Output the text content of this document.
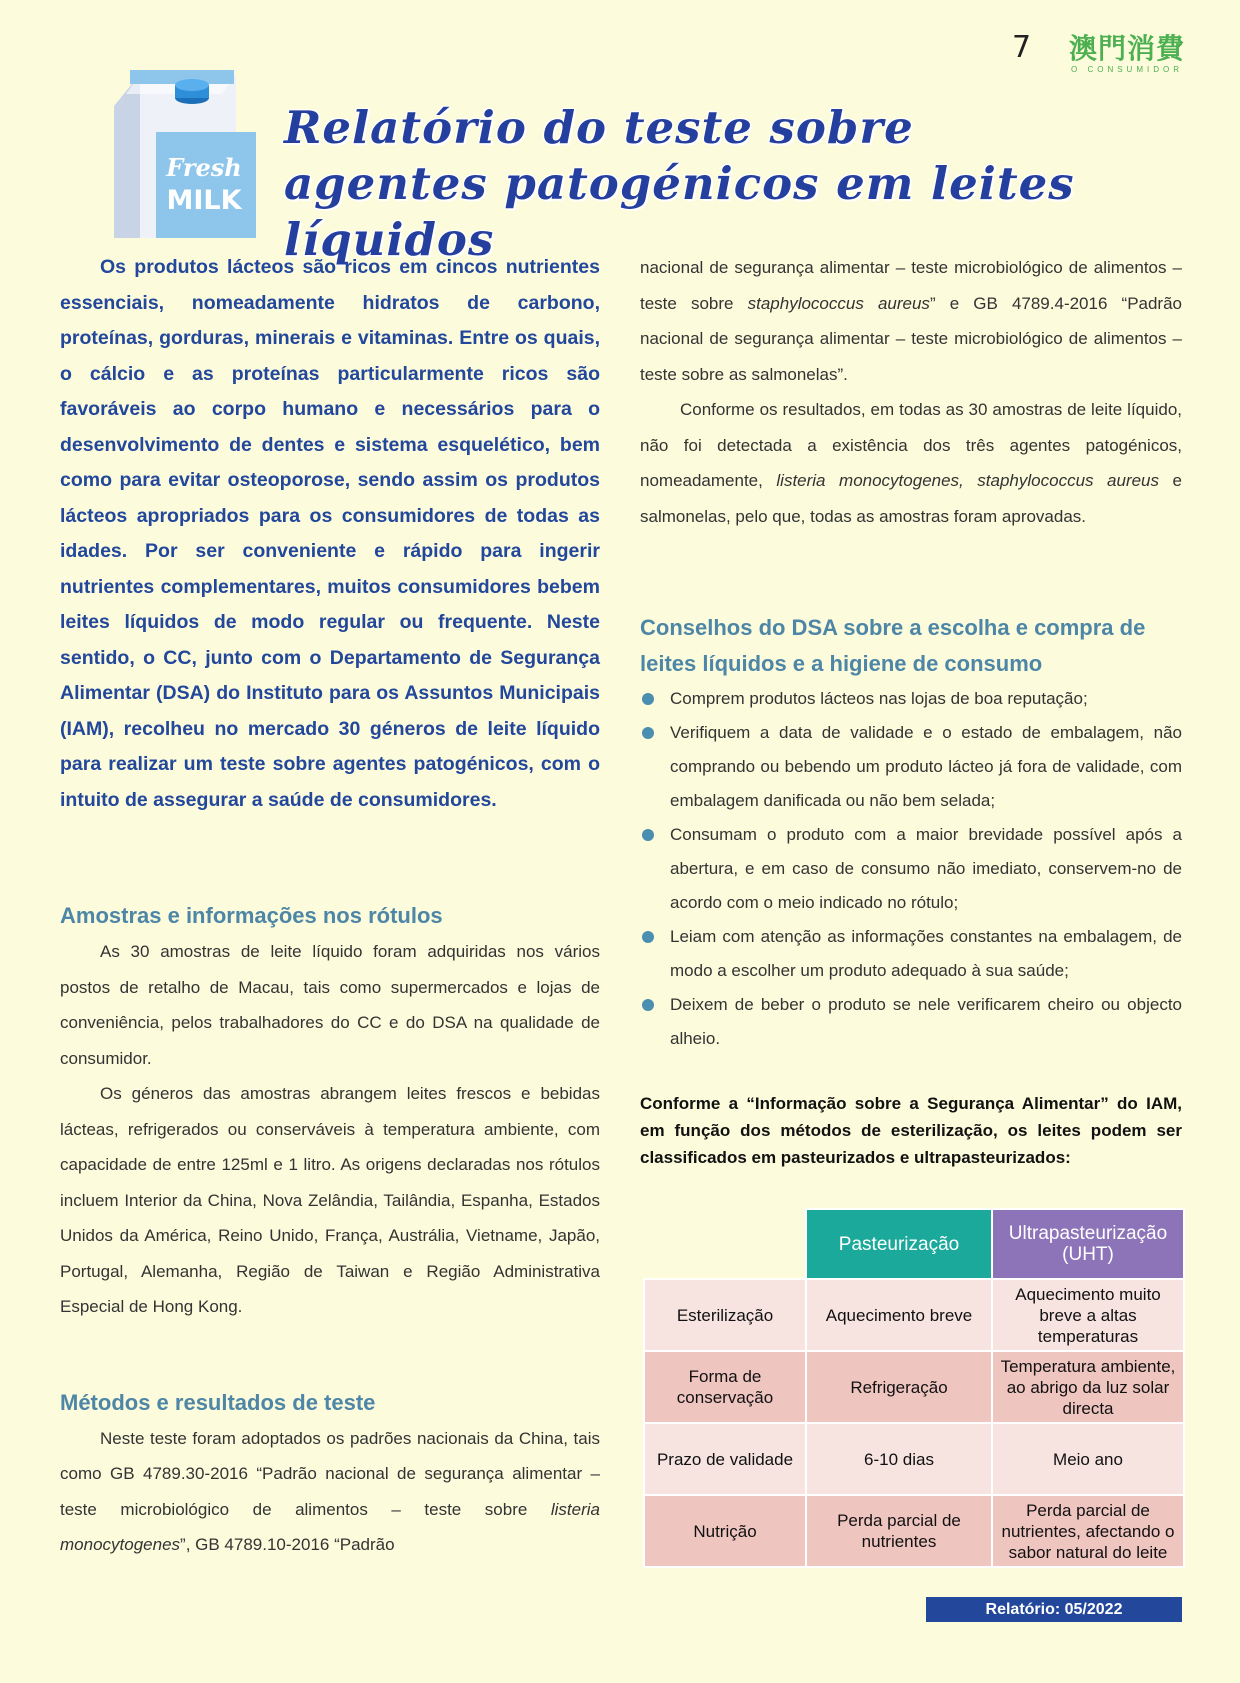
7 澳門消費
O CONSUMIDOR
Fresh
MILK
Relatório do teste sobre agentes patogénicos em leites líquidos

Os produtos lácteos são ricos em cincos nutrientes essenciais, nomeadamente hidratos de carbono, proteínas, gorduras, minerais e vitaminas. Entre os quais, o cálcio e as proteínas particularmente ricos são favoráveis ao corpo humano e necessários para o desenvolvimento de dentes e sistema esquelético, bem como para evitar osteoporose, sendo assim os produtos lácteos apropriados para os consumidores de todas as idades. Por ser conveniente e rápido para ingerir nutrientes complementares, muitos consumidores bebem leites líquidos de modo regular ou frequente. Neste sentido, o CC, junto com o Departamento de Segurança Alimentar (DSA) do Instituto para os Assuntos Municipais (IAM), recolheu no mercado 30 géneros de leite líquido para realizar um teste sobre agentes patogénicos, com o intuito de assegurar a saúde de consumidores.

Amostras e informações nos rótulos

As 30 amostras de leite líquido foram adquiridas nos vários postos de retalho de Macau, tais como supermercados e lojas de conveniência, pelos trabalhadores do CC e do DSA na qualidade de consumidor.

Os géneros das amostras abrangem leites frescos e bebidas lácteas, refrigerados ou conserváveis à temperatura ambiente, com capacidade de entre 125ml e 1 litro. As origens declaradas nos rótulos incluem Interior da China, Nova Zelândia, Tailândia, Espanha, Estados Unidos da América, Reino Unido, França, Austrália, Vietname, Japão, Portugal, Alemanha, Região de Taiwan e Região Administrativa Especial de Hong Kong.

Métodos e resultados de teste

Neste teste foram adoptados os padrões nacionais da China, tais como GB 4789.30-2016 “Padrão nacional de segurança alimentar – teste microbiológico de alimentos – teste sobre listeria monocytogenes”, GB 4789.10-2016 “Padrão

nacional de segurança alimentar – teste microbiológico de alimentos – teste sobre staphylococcus aureus” e GB 4789.4-2016 “Padrão nacional de segurança alimentar – teste microbiológico de alimentos – teste sobre as salmonelas”.

Conforme os resultados, em todas as 30 amostras de leite líquido, não foi detectada a existência dos três agentes patogénicos, nomeadamente, listeria monocytogenes, staphylococcus aureus e salmonelas, pelo que, todas as amostras foram aprovadas.

Conselhos do DSA sobre a escolha e compra de leites líquidos e a higiene de consumo
Comprem produtos lácteos nas lojas de boa reputação;
Verifiquem a data de validade e o estado de embalagem, não comprando ou bebendo um produto lácteo já fora de validade, com embalagem danificada ou não bem selada;
Consumam o produto com a maior brevidade possível após a abertura, e em caso de consumo não imediato, conservem-no de acordo com o meio indicado no rótulo;
Leiam com atenção as informações constantes na embalagem, de modo a escolher um produto adequado à sua saúde;
Deixem de beber o produto se nele verificarem cheiro ou objecto alheio.

Conforme a “Informação sobre a Segurança Alimentar” do IAM, em função dos métodos de esterilização, os leites podem ser classificados em pasteurizados e ultrapasteurizados:

	Pasteurização	Ultrapasteurização (UHT)
Esterilização	Aquecimento breve	Aquecimento muito breve a altas temperaturas
Forma de conservação	Refrigeração	Temperatura ambiente, ao abrigo da luz solar directa
Prazo de validade	6-10 dias	Meio ano
Nutrição	Perda parcial de nutrientes	Perda parcial de nutrientes, afectando o sabor natural do leite
Relatório: 05/2022
